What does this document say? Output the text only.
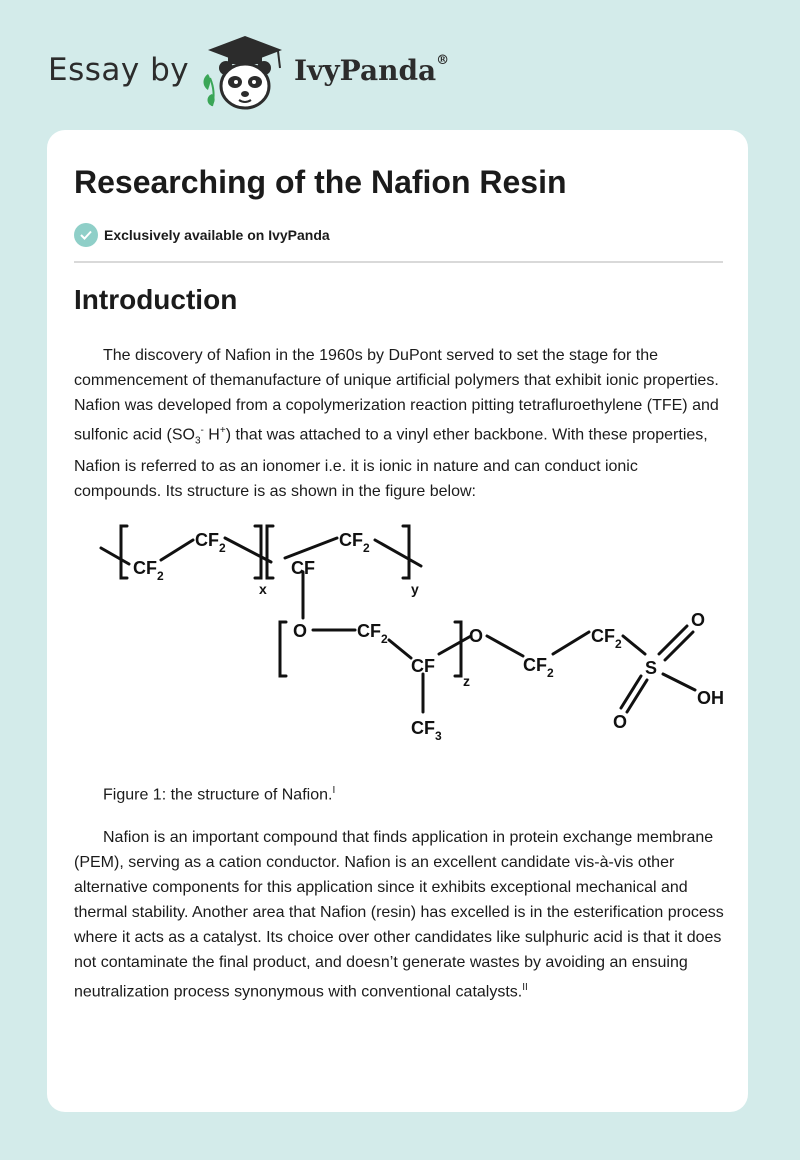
Essay by	IvyPanda®
Researching of the Nafion Resin
Exclusively available on IvyPanda
Introduction

The discovery of Nafion in the 1960s by DuPont served to set the stage for the commencement of themanufacture of unique artificial polymers that exhibit ionic properties. Nafion was developed from a copolymerization reaction pitting tetrafluroethylene (TFE) and sulfonic acid ($SO_3^-$ H+) that was attached to a vinyl ether backbone. With these properties, Nafion is referred to as an ionomer i.e. it is ionic in nature and can conduct ionic compounds. Its structure is as shown in the figure below:

$CF_2$
$CF_2$
x
CF
$CF_2$
y
O	$CF_2$
CF
z
O
$CF_2$
$CF_2$
S
O
O
OH
$CF_3$

Figure 1: the structure of Nafion.$^I$

Nafion is an important compound that finds application in protein exchange membrane (PEM), serving as a cation conductor. Nafion is an excellent candidate vis-à-vis other alternative components for this application since it exhibits exceptional mechanical and thermal stability. Another area that Nafion (resin) has excelled is in the esterification process where it acts as a catalyst. Its choice over other candidates like sulphuric acid is that it does not contaminate the final product, and doesn’t generate wastes by avoiding an ensuing neutralization process synonymous with conventional catalysts.$^{II}$
